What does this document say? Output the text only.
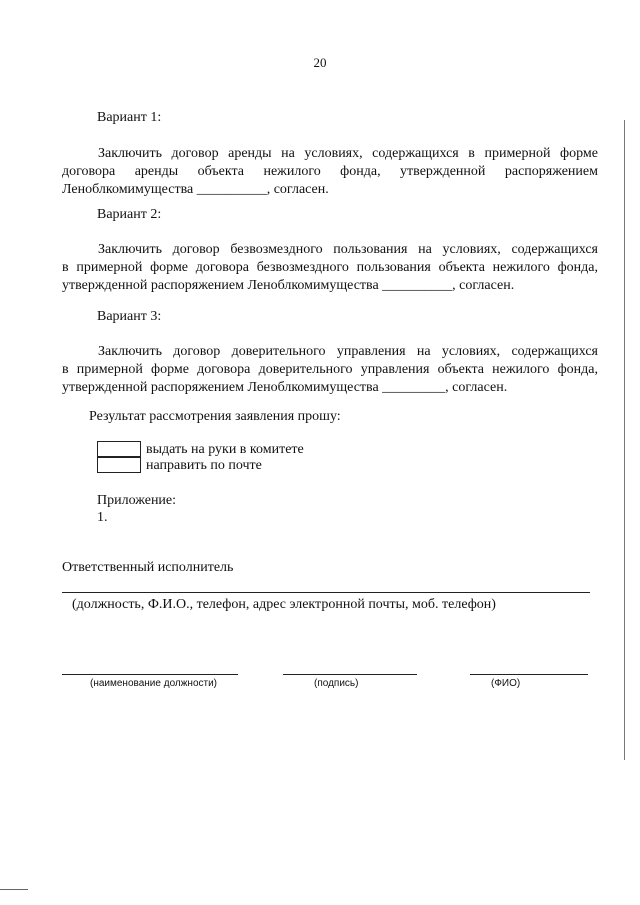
20
Вариант 1:
Заключить договор аренды на условиях, содержащихся в примерной форме
договора аренды объекта нежилого фонда, утвержденной распоряжением
Леноблкомимущества __________, согласен.
Вариант 2:
Заключить договор безвозмездного пользования на условиях, содержащихся
в примерной форме договора безвозмездного пользования объекта нежилого фонда,
утвержденной распоряжением Леноблкомимущества __________, согласен.
Вариант 3:
Заключить договор доверительного управления на условиях, содержащихся
в примерной форме договора доверительного управления объекта нежилого фонда,
утвержденной распоряжением Леноблкомимущества _________, согласен.
Результат рассмотрения заявления прошу:
выдать на руки в комитете
направить по почте
Приложение:
1.
Ответственный исполнитель
(должность, Ф.И.О., телефон, адрес электронной почты, моб. телефон)
(наименование должности)	(подпись)	(ФИО)
